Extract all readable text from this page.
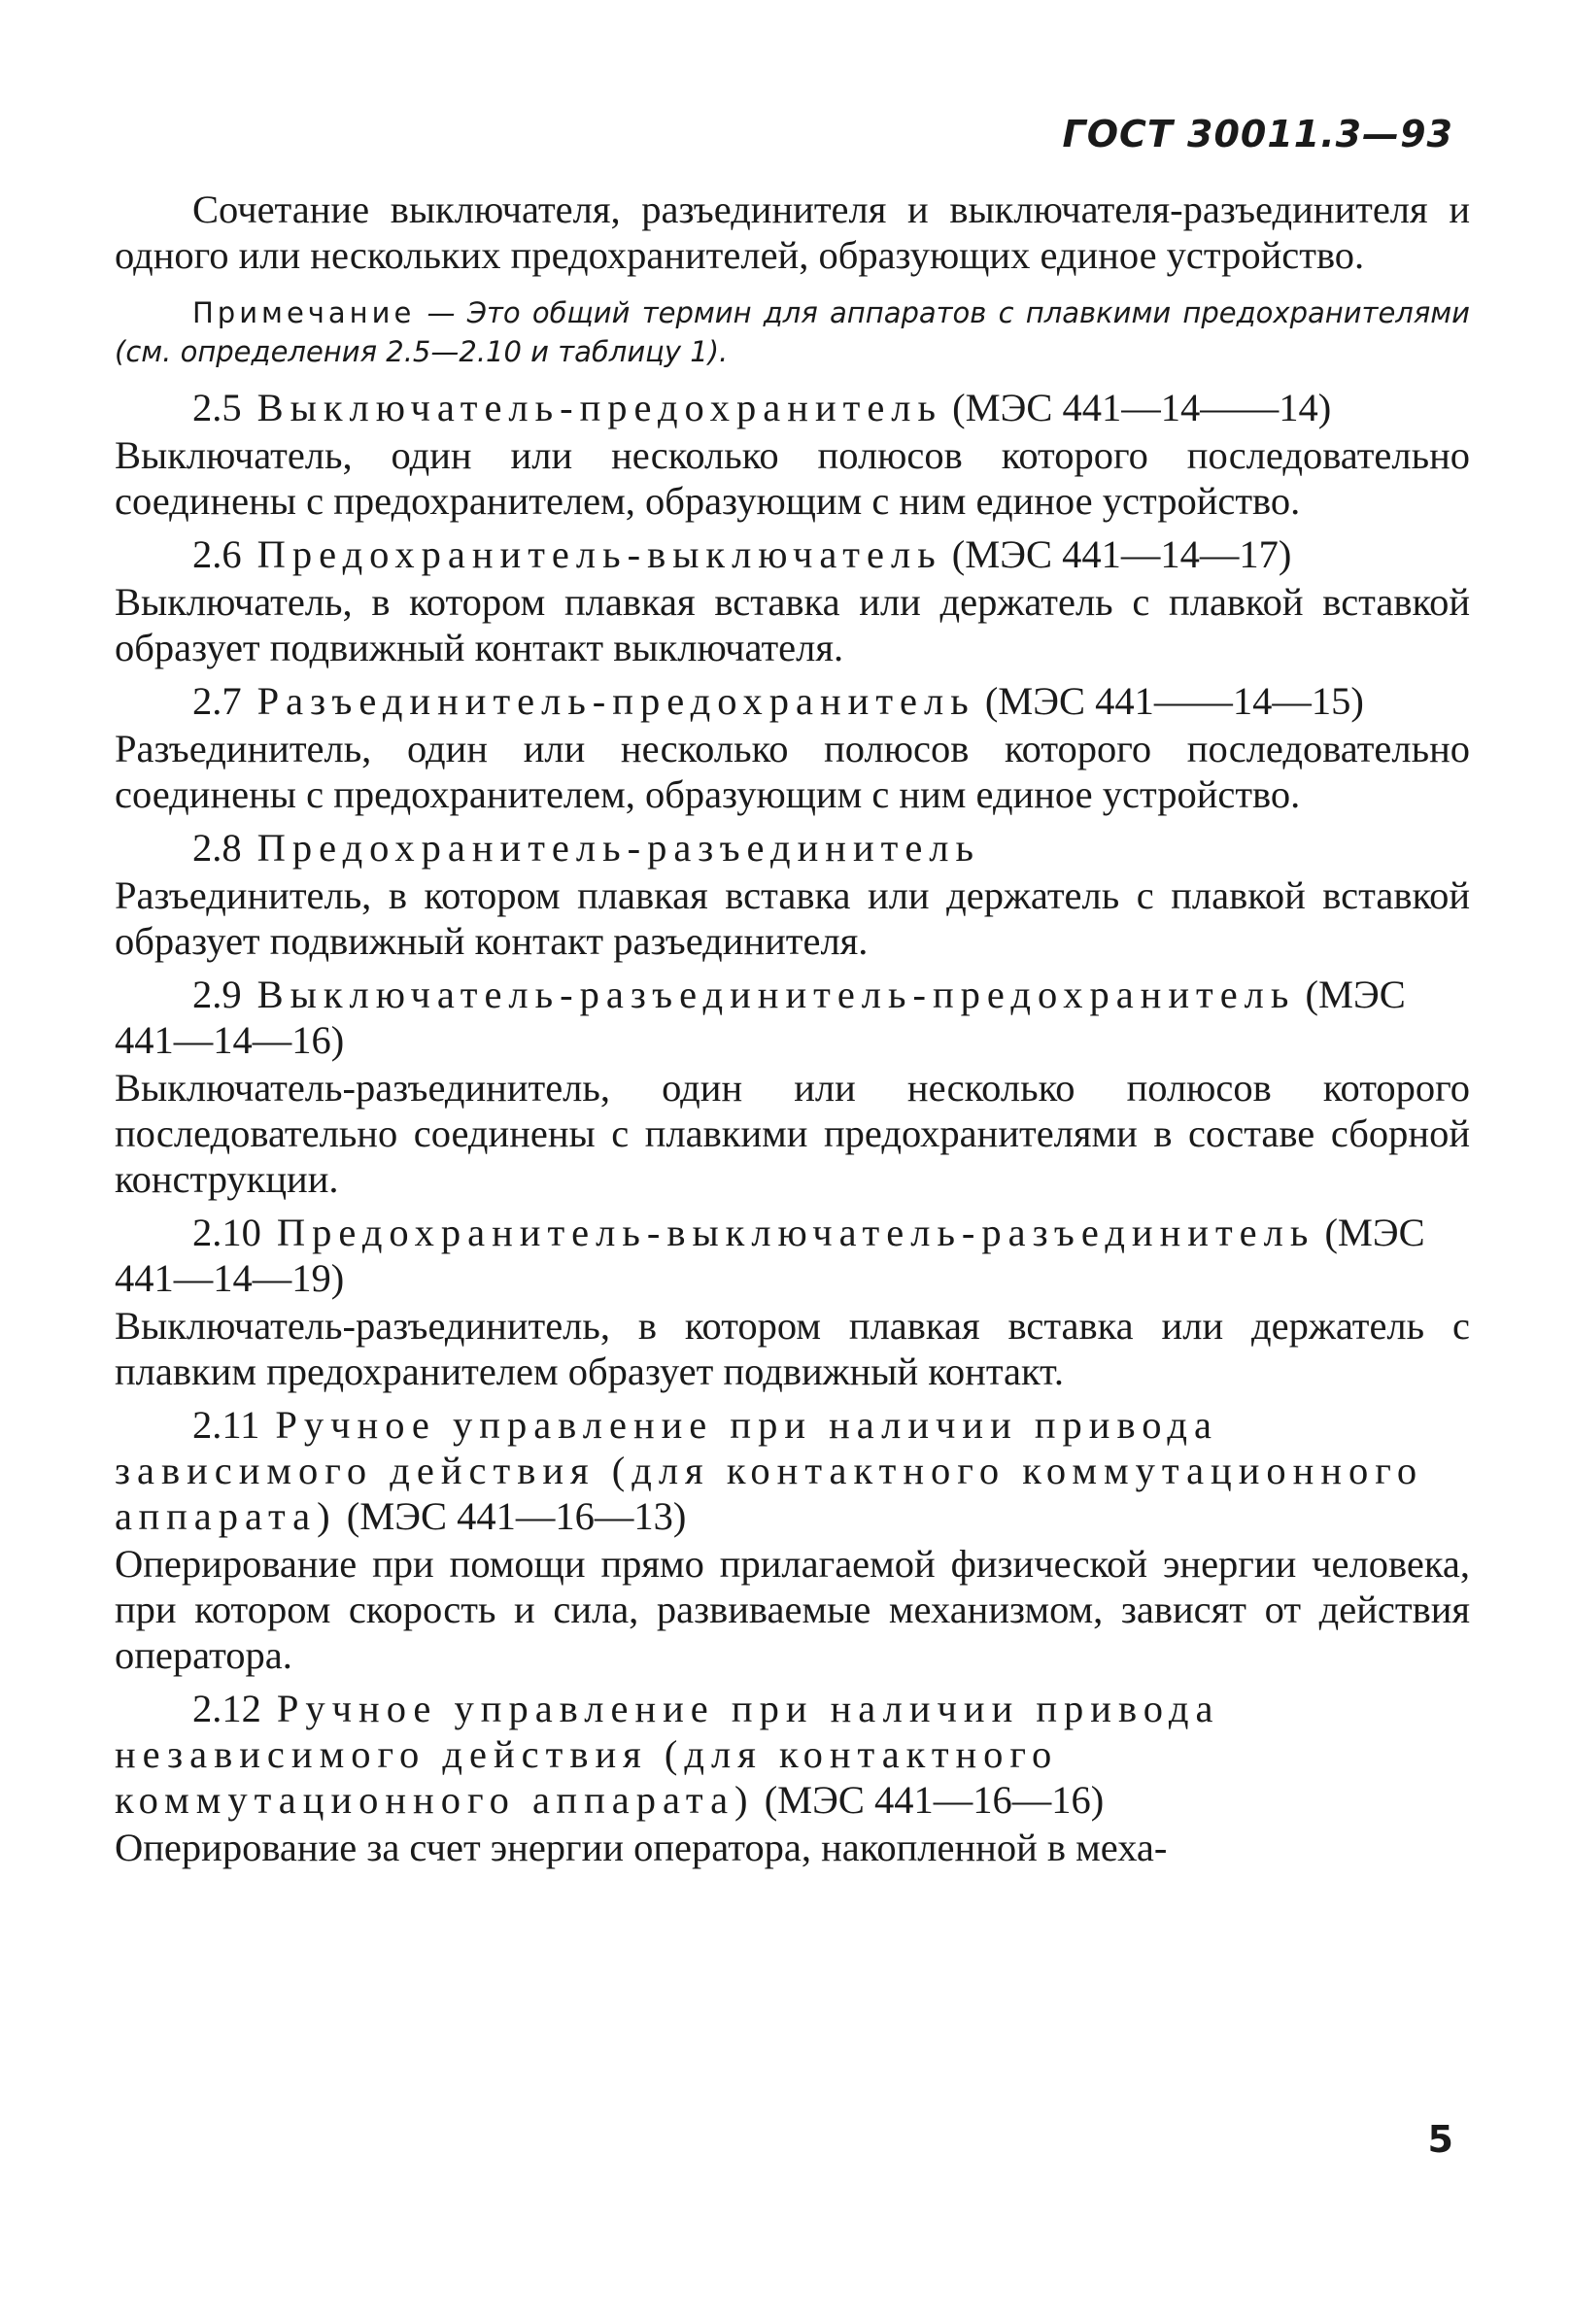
ГОСТ 30011.3—93

Сочетание выключателя, разъединителя и выключателя-разъединителя и одного или нескольких предохранителей, образующих единое устройство.

Примечание — Это общий термин для аппаратов с плавкими предохранителями (см. определения 2.5—2.10 и таблицу 1).

2.5 Выключатель-предохранитель (МЭС 441—14——14)

Выключатель, один или несколько полюсов которого последовательно соединены с предохранителем, образующим с ним единое устройство.

2.6 Предохранитель-выключатель (МЭС 441—14—17)

Выключатель, в котором плавкая вставка или держатель с плавкой вставкой образует подвижный контакт выключателя.

2.7 Разъединитель-предохранитель (МЭС 441——14—15)

Разъединитель, один или несколько полюсов которого последовательно соединены с предохранителем, образующим с ним единое устройство.

2.8 Предохранитель-разъединитель

Разъединитель, в котором плавкая вставка или держатель с плавкой вставкой образует подвижный контакт разъединителя.

2.9 Выключатель-разъединитель-предохранитель (МЭС 441—14—16)

Выключатель-разъединитель, один или несколько полюсов которого последовательно соединены с плавкими предохранителями в составе сборной конструкции.

2.10 Предохранитель-выключатель-разъединитель (МЭС 441—14—19)

Выключатель-разъединитель, в котором плавкая вставка или держатель с плавким предохранителем образует подвижный контакт.

2.11 Ручное управление при наличии привода зависимого действия (для контактного коммутационного аппарата) (МЭС 441—16—13)

Оперирование при помощи прямо прилагаемой физической энергии человека, при котором скорость и сила, развиваемые механизмом, зависят от действия оператора.

2.12 Ручное управление при наличии привода независимого действия (для контактного коммутационного аппарата) (МЭС 441—16—16)

Оперирование за счет энергии оператора, накопленной в меха-

5
